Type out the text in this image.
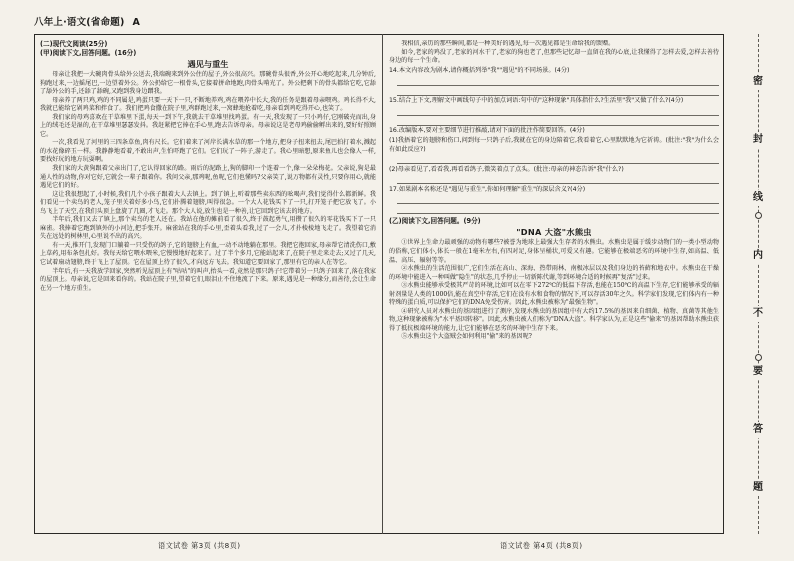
八年上·语文(省命题) A
(二)现代文阅读(25分)
(甲)阅读下文,回答问题。(16分)
遇见与重生

母亲让我把一大碗肉骨头给外公送去,我端碗来到外公住的屋子,外公很高兴。那碗骨头很香,外公开心地吃起来,几分钟后,狗跑过来,一边摇尾巴,一边望着外公。外公扔给它一根骨头,它接着拼命地跑,肉骨头啃光了。外公把剩下的骨头都给它吃,它舔了舔外公的手,还舔了舔碗,又跑到我身边蹭我。

母亲养了两只鸡,鸡的不同属是,鸡蛋只要一天下一只,不断地养鸡,鸡在喂养中长大,我的任务是跟着母亲喂鸡。鸡长得不大,我就已能给它剁鸡菜和拌食了。我们把鸡食撒在院子里,鸡群跑过来,一窝蜂地抢着吃,母亲看到鸡吃得开心,也笑了。

我们家的母鸡喜欢在干草堆里下蛋,每天一到下午,我就去干草堆里找鸡蛋。有一天,我发现了一只小鸡仔,它刚破壳而出,身上的绒毛还是湿的,在干草堆里瑟瑟发抖。我赶紧把它捧在手心里,跑去告诉母亲。母亲说这是老母鸡偷偷孵出来的,要好好照顾它。

一次,我看见了河里的三四条草鱼,肉有尺长。它们着来了河岸长满水草的那一个地方,把身子扭来扭去,尾巴拍打着水,溅起的水花像碎玉一样。我静静地看着,不敢出声,生怕吓跑了它们。它们玩了一阵子,游走了。我心里暗想,原来鱼儿也会像人一样,要找好玩的地方玩耍啊。

我们家的大黄狗跟着父亲出门了,它认得回家的路。雨后的泥路上,狗的脚印一个连着一个,像一朵朵梅花。父亲说,狗是最通人性的动物,你对它好,它就会一辈子跟着你。我问父亲,那鸡呢,鱼呢,它们也懂吗?父亲笑了,说万物都有灵性,只要你用心,就能遇见它们的好。

这让我很想起了,小时候,我们几个小孩子跟着大人去镇上。到了镇上,听着那些卖东西的吆喝声,我们觉得什么都新鲜。我们看见一个卖鸟的老人,笼子里关着好多小鸟,它们扑腾着翅膀,叫得很急。一个大人花钱买下了一只,打开笼子把它放飞了。小鸟飞上了天空,在我们头顶上盘旋了几圈,才飞走。那个大人说,放生也是一种善,让它回到它该去的地方。

半年后,我们又去了镇上,那个卖鸟的老人还在。我站在他的摊前看了很久,终于鼓起勇气,用攒了很久的零花钱买下了一只麻雀。我捧着它跑到镇外的小河边,把手张开。麻雀站在我的手心里,歪着头看我,过了一会儿,才扑棱棱地飞走了。我望着它消失在远处的树林里,心里说不出的高兴。

有一天,推开门,发现门口躺着一只受伤的鸽子,它的翅膀上有血,一动不动地躺在那里。我把它抱回家,母亲帮它清洗伤口,敷上草药,用布条包扎好。我每天给它喂水喂米,它慢慢地好起来了。过了半个多月,它能站起来了,在院子里走来走去;又过了几天,它试着扇动翅膀,终于飞上了屋顶。它在屋顶上待了很久,才向远方飞去。我知道它要回家了,那里有它的亲人在等它。

半年后,有一天我放学回家,突然听见屋顶上有"咕咕"的叫声,抬头一看,竟然是那只鸽子!它带着另一只鸽子回来了,落在我家的屋顶上。母亲说,它是回来看你的。我站在院子里,望着它们,眼泪止不住地流了下来。原来,遇见是一种缘分,而善待,会让生命在另一个地方重生。

我相信,亲历的那些瞬间,都是一种美好的遇见,每一次遇见都是生命给我的馈赠。

如今,老家的鸡没了,老家的河水干了,老家的狗也老了,但那些记忆却一直留在我的心底,让我懂得了怎样去爱,怎样去善待身边的每一个生命。

14.本文内容改为剧本,请你概括列举"我""遇见"的不同场景。(4分)
15.结合上下文,理解文中画线句子中的加点词语:句中的"这种现象"具体指什么?生活里"我"又做了什么?(4分)
16.改编版本,要对主要细节进行推敲,请对下面的批注作简要回答。(4分)
(1)我捂着它的翅膀和伤口,问到每一只鸽子后,我就在它的身边陪着它,我看着它,心里默默地为它祈祷。(批注:"我"为什么会有如此反应?)
(2)母亲看见了,看看我,再看看鸽子,微笑着点了点头。(批注:母亲的神态告诉"我"什么?)
17.如果剧本名称还是"遇见与重生",你如何理解"重生"的深层含义?(4分)
(乙)阅读下文,回答问题。(9分)
"DNA 大盗"水熊虫

①世界上生命力最顽强的动物有哪些?被誉为地球上最强大生存者的水熊虫。水熊虫是属于缓步动物门的一类小型动物的俗称,它们体小,体长一般在1毫米左右,有四对足,身体呈桶状,可爱又有趣。它能够在极端恶劣的环境中生存,如高温、低温、高压、辐射等等。

②水熊虫的生活范围很广,它们生活在高山、深海、热带雨林、南极冰层以及我们身边的苔藓和地衣中。水熊虫在干燥的环境中能进入一种叫做"隐生"的状态,几乎停止一切新陈代谢,等到环境合适的时候再"复活"过来。

③水熊虫能够承受极其严苛的环境,比如可以在零下272℃的低温下存活,也能在150℃的高温下生存,它们能够承受的辐射剂量是人类的1000倍,能在真空中存活,它们在没有水和食物的情况下,可以存活30年之久。科学家们发现,它们体内有一种特殊的蛋白质,可以保护它们的DNA免受伤害。因此,水熊虫被称为"最强生物"。

④研究人员对水熊虫的基因组进行了测序,发现水熊虫的基因组中有大约17.5%的基因来自细菌、植物、真菌等其他生物,这种现象被称为"水平基因转移"。因此,水熊虫被人们称为"DNA大盗"。科学家认为,正是这些"偷来"的基因帮助水熊虫获得了抵抗极端环境的能力,让它们能够在恶劣的环境中生存下来。

⑤水熊虫这个大盗贼会如何利用"偷"来的基因呢?

语文试卷 第3页 (共8页)	语文试卷 第4页 (共8页)
密
封
线
内
不
要
答
题
